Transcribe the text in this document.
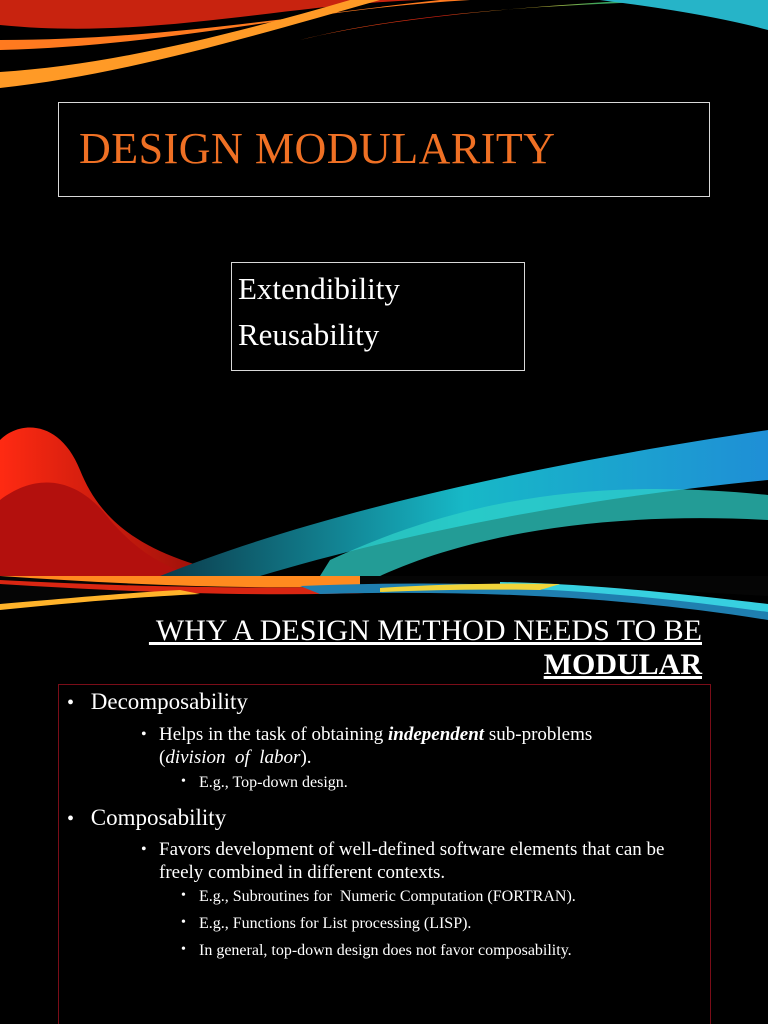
DESIGN MODULARITY
Extendibility
Reusability
WHY A DESIGN METHOD NEEDS TO BE
MODULAR
• Decomposability
• Helps in the task of obtaining independent sub-problems
(division  of  labor).
• E.g., Top-down design.
• Composability
• Favors development of well-defined software elements that can be freely combined in different contexts.
• E.g., Subroutines for  Numeric Computation (FORTRAN).
• E.g., Functions for List processing (LISP).
• In general, top-down design does not favor composability.
